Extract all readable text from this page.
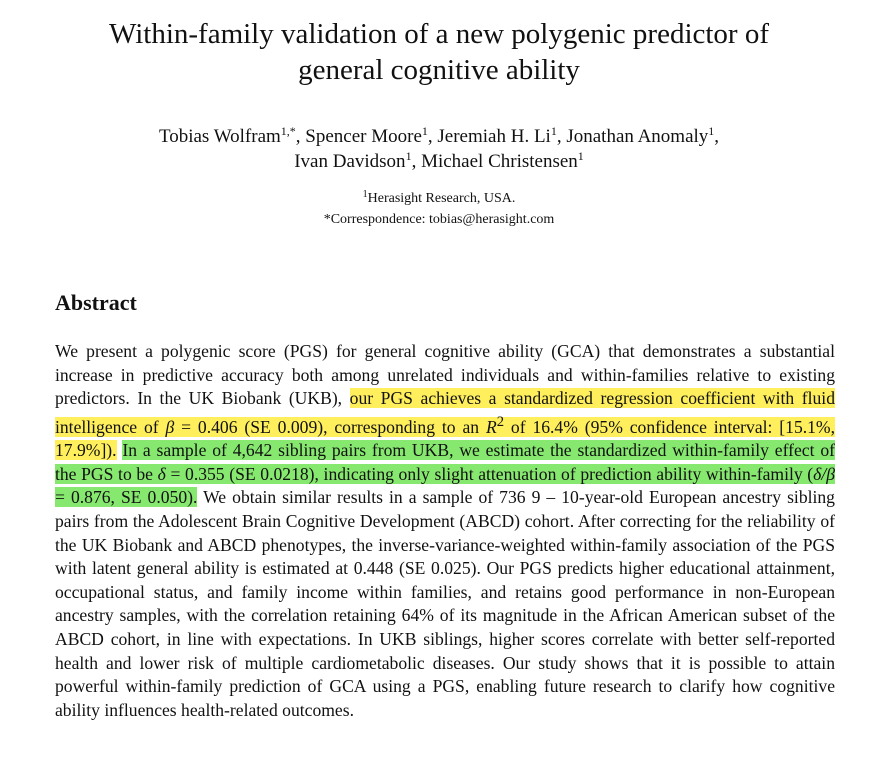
Within-family validation of a new polygenic predictor of
general cognitive ability
Tobias Wolfram$^{1,*}$, Spencer Moore$^1$, Jeremiah H. Li$^1$, Jonathan Anomaly$^1$,
Ivan Davidson$^1$, Michael Christensen$^1$
$^1$Herasight Research, USA.
*Correspondence: tobias@herasight.com
Abstract
We present a polygenic score (PGS) for general cognitive ability (GCA) that demonstrates a substantial increase in predictive accuracy both among unrelated individuals and within-families relative to existing predictors. In the UK Biobank (UKB), our PGS achieves a standardized regression coefficient with fluid intelligence of β = 0.406 (SE 0.009), corresponding to an $R^2$ of 16.4% (95% confidence interval: [15.1%, 17.9%]). In a sample of 4,642 sibling pairs from UKB, we estimate the standardized within-family effect of the PGS to be δ = 0.355 (SE 0.0218), indicating only slight attenuation of prediction ability within-family (δ/β = 0.876, SE 0.050). We obtain similar results in a sample of 736 9 – 10-year-old European ancestry sibling pairs from the Adolescent Brain Cognitive Development (ABCD) cohort. After correcting for the reliability of the UK Biobank and ABCD phenotypes, the inverse-variance-weighted within-family association of the PGS with latent general ability is estimated at 0.448 (SE 0.025). Our PGS predicts higher educational attainment, occupational status, and family income within families, and retains good performance in non-European ancestry samples, with the correlation retaining 64% of its magnitude in the African American subset of the ABCD cohort, in line with expectations. In UKB siblings, higher scores correlate with better self-reported health and lower risk of multiple cardiometabolic diseases. Our study shows that it is possible to attain powerful within-family prediction of GCA using a PGS, enabling future research to clarify how cognitive ability influences health-related outcomes.
